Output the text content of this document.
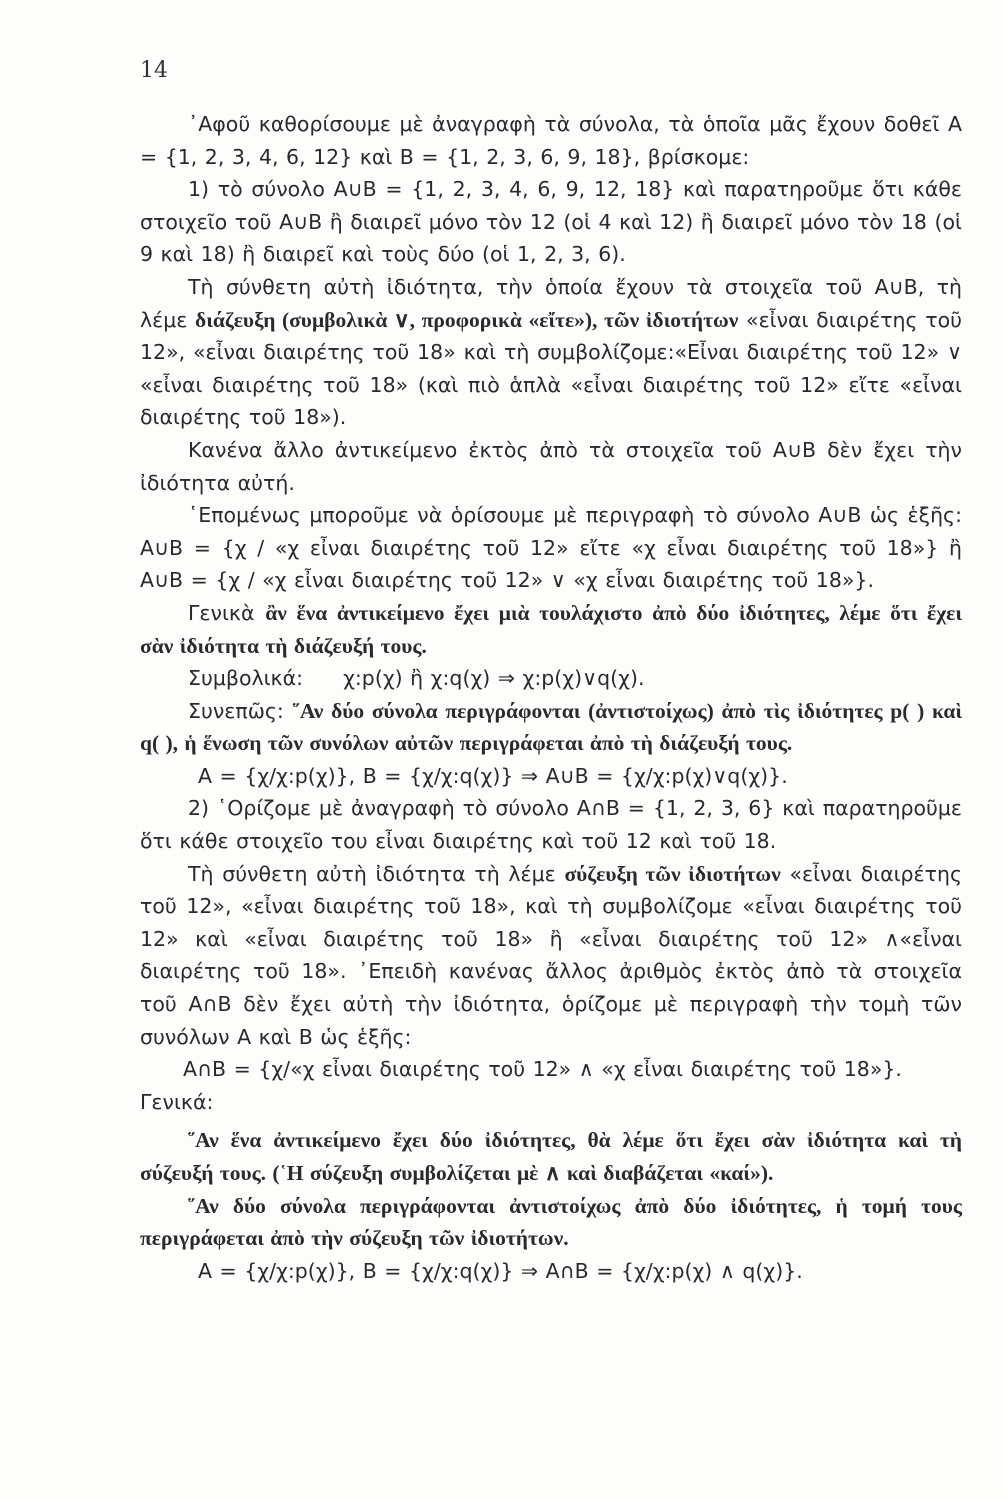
14

᾿Αφοῦ καθορίσουμε μὲ ἀναγραφὴ τὰ σύνολα, τὰ ὁποῖα μᾶς ἔχουν δοθεῖ A = {1, 2, 3, 4, 6, 12} καὶ B = {1, 2, 3, 6, 9, 18}, βρίσκομε:

1) τὸ σύνολο A∪B = {1, 2, 3, 4, 6, 9, 12, 18} καὶ παρατηροῦμε ὅτι κάθε στοιχεῖο τοῦ A∪B ἢ διαιρεῖ μόνο τὸν 12 (οἱ 4 καὶ 12) ἢ διαιρεῖ μόνο τὸν 18 (οἱ 9 καὶ 18) ἢ διαιρεῖ καὶ τοὺς δύο (οἱ 1, 2, 3, 6).

Τὴ σύνθετη αὐτὴ ἰδιότητα, τὴν ὁποία ἔχουν τὰ στοιχεῖα τοῦ A∪B, τὴ λέμε διάζευξη (συμβολικὰ ∨, προφορικὰ «εἴτε»), τῶν ἰδιοτήτων «εἶναι διαιρέτης τοῦ 12», «εἶναι διαιρέτης τοῦ 18» καὶ τὴ συμβολίζομε:«Εἶναι διαιρέτης τοῦ 12» ∨ «εἶναι διαιρέτης τοῦ 18» (καὶ πιὸ ἁπλὰ «εἶναι διαιρέτης τοῦ 12» εἴτε «εἶναι διαιρέτης τοῦ 18»).

Κανένα ἄλλο ἀντικείμενο ἐκτὸς ἀπὸ τὰ στοιχεῖα τοῦ A∪B δὲν ἔχει τὴν ἰδιότητα αὐτή.

῾Επομένως μποροῦμε νὰ ὁρίσουμε μὲ περιγραφὴ τὸ σύνολο A∪B ὡς ἑξῆς: A∪B = {χ / «χ εἶναι διαιρέτης τοῦ 12» εἴτε «χ εἶναι διαιρέτης τοῦ 18»} ἢ A∪B = {χ / «χ εἶναι διαιρέτης τοῦ 12» ∨ «χ εἶναι διαιρέτης τοῦ 18»}.

Γενικὰ ἂν ἕνα ἀντικείμενο ἔχει μιὰ τουλάχιστο ἀπὸ δύο ἰδιότητες, λέμε ὅτι ἔχει σὰν ἰδιότητα τὴ διάζευξή τους.

Συμβολικά: χ:p(χ) ἢ χ:q(χ) ⇒ χ:p(χ)∨q(χ).

Συνεπῶς: ῞Αν δύο σύνολα περιγράφονται (ἀντιστοίχως) ἀπὸ τὶς ἰδιότητες p( ) καὶ q( ), ἡ ἕνωση τῶν συνόλων αὐτῶν περιγράφεται ἀπὸ τὴ διάζευξή τους.

A = {χ/χ:p(χ)}, B = {χ/χ:q(χ)} ⇒ A∪B = {χ/χ:p(χ)∨q(χ)}.

2) ῾Ορίζομε μὲ ἀναγραφὴ τὸ σύνολο A∩B = {1, 2, 3, 6} καὶ παρατηροῦμε ὅτι κάθε στοιχεῖο του εἶναι διαιρέτης καὶ τοῦ 12 καὶ τοῦ 18.

Τὴ σύνθετη αὐτὴ ἰδιότητα τὴ λέμε σύζευξη τῶν ἰδιοτήτων «εἶναι διαιρέτης τοῦ 12», «εἶναι διαιρέτης τοῦ 18», καὶ τὴ συμβολίζομε «εἶναι διαιρέτης τοῦ 12» καὶ «εἶναι διαιρέτης τοῦ 18» ἢ «εἶναι διαιρέτης τοῦ 12» ∧«εἶναι διαιρέτης τοῦ 18». ᾿Επειδὴ κανένας ἄλλος ἀριθμὸς ἐκτὸς ἀπὸ τὰ στοιχεῖα τοῦ A∩B δὲν ἔχει αὐτὴ τὴν ἰδιότητα, ὁρίζομε μὲ περιγραφὴ τὴν τομὴ τῶν συνόλων A καὶ B ὡς ἑξῆς:

A∩B = {χ/«χ εἶναι διαιρέτης τοῦ 12» ∧ «χ εἶναι διαιρέτης τοῦ 18»}.

Γενικά:

῞Αν ἕνα ἀντικείμενο ἔχει δύο ἰδιότητες, θὰ λέμε ὅτι ἔχει σὰν ἰδιότητα καὶ τὴ σύζευξή τους. (῾Η σύζευξη συμβολίζεται μὲ ∧ καὶ διαβάζεται «καί»).

῞Αν δύο σύνολα περιγράφονται ἀντιστοίχως ἀπὸ δύο ἰδιότητες, ἡ τομή τους περιγράφεται ἀπὸ τὴν σύζευξη τῶν ἰδιοτήτων.

A = {χ/χ:p(χ)}, B = {χ/χ:q(χ)} ⇒ A∩B = {χ/χ:p(χ) ∧ q(χ)}.
